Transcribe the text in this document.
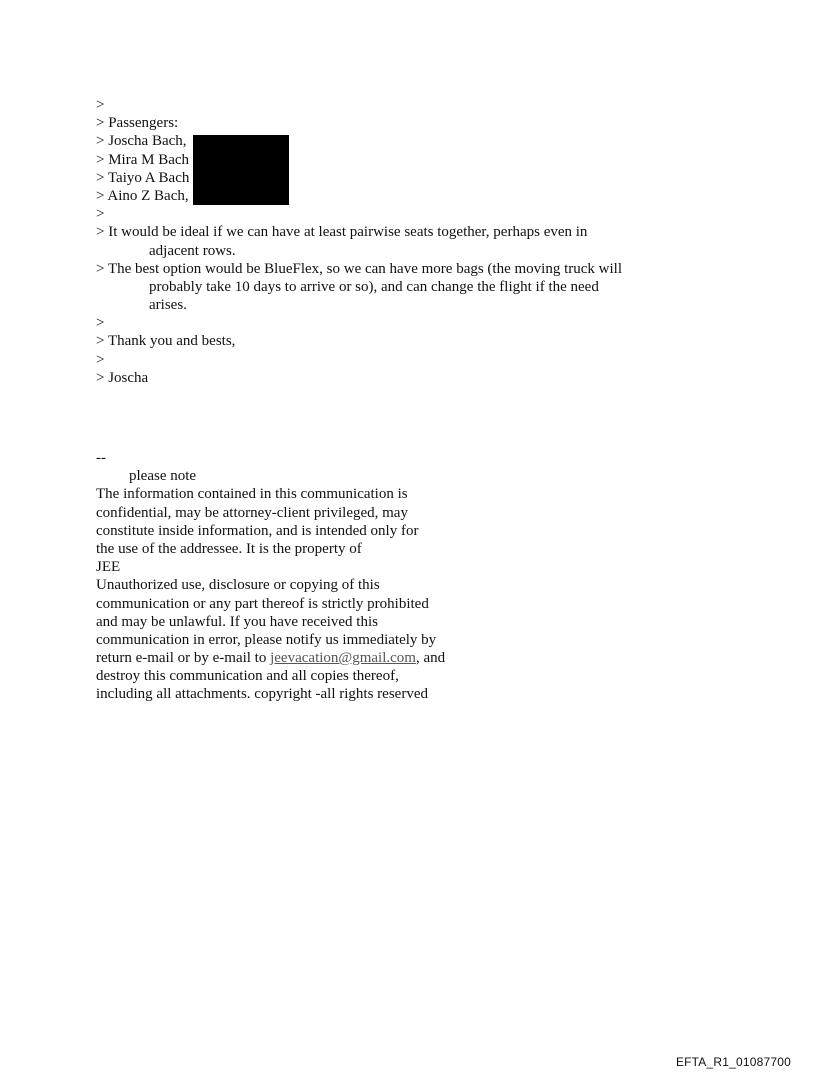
>
> Passengers:
> Joscha Bach,
> Mira M Bach
> Taiyo A Bach
> Aino Z Bach,
>
> It would be ideal if we can have at least pairwise seats together, perhaps even in
adjacent rows.
> The best option would be BlueFlex, so we can have more bags (the moving truck will
probably take 10 days to arrive or so), and can change the flight if the need
arises.
>
> Thank you and bests,
>
> Joscha
--
please note
The information contained in this communication is
confidential, may be attorney-client privileged, may
constitute inside information, and is intended only for
the use of the addressee. It is the property of
JEE
Unauthorized use, disclosure or copying of this
communication or any part thereof is strictly prohibited
and may be unlawful. If you have received this
communication in error, please notify us immediately by
return e-mail or by e-mail to jeevacation@gmail.com, and
destroy this communication and all copies thereof,
including all attachments. copyright -all rights reserved
EFTA_R1_01087700
